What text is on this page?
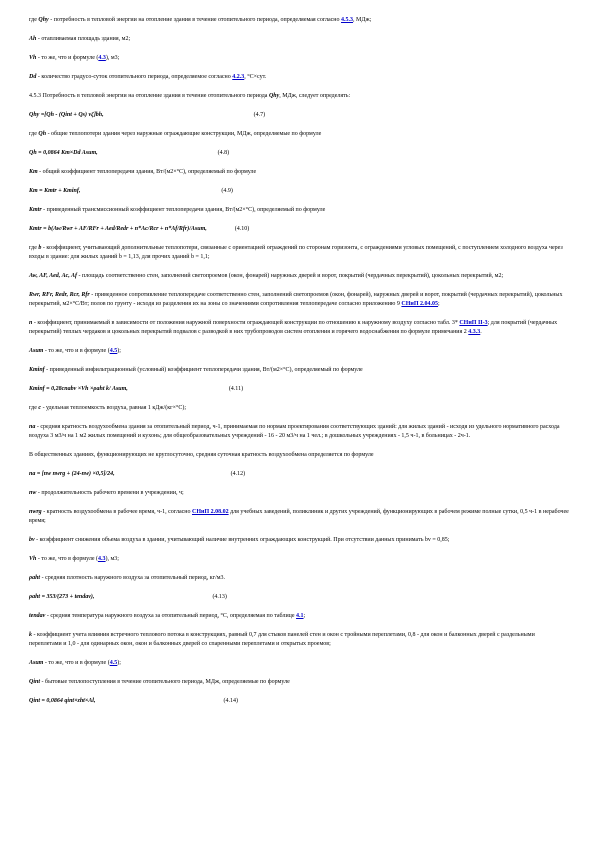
где Qhy - потребность в тепловой энергии на отопление здания в течение отопительного периода, определяемая согласно 4.5.3, МДж;
Ah - отапливаемая площадь здания, м2;
Vh - то же, что и формуле (4.3), м3;
Dd - количество градусо-суток отопительного периода, определяемое согласно 4.2.3, °C×сут.
4.5.3 Потребность в тепловой энергии на отопление здания в течение отопительного периода Qhy, МДж, следует определять:
Qhy =[Qh - (Qint + Qs) vζ]bh,	(4.7)
где Qh - общие теплопотери здания через наружные ограждающие конструкции, МДж, определяемые по формуле
Qh = 0,0864 Km×Dd Asum,	(4.8)
Km - общий коэффициент теплопередачи здания, Вт/(м2×°C), определяемый по формуле
Km = Kmtr + Kminf,	(4.9)
Kmtr - приведенный трансмиссионный коэффициент теплопередачи здания, Вт/(м2×°C), определяемый по формуле
Kmtr = b(Aw/Rwr + AF/RFr + Aed/Redr + n*Ac/Rcr + n*Af/Rfr)/Asum,	(4.10)
где b - коэффициент, учитывающий дополнительные теплопотери, связанные с ориентацией ограждений по сторонам горизонта, с ограждениями угловых помещений, с поступлением холодного воздуха через входы в здание: для жилых зданий b = 1,13, для прочих зданий b = 1,1;
Aw, AF, Aed, Ac, Af - площадь соответственно стен, заполнений светопроемов (окон, фонарей) наружных дверей и ворот, покрытий (чердачных перекрытий), цокольных перекрытий, м2;
Rwr, RFr, Redr, Rcr, Rfr - приведенное сопротивление теплопередаче соответственно стен, заполнений светопроемов (окон, фонарей), наружных дверей и ворот, покрытий (чердачных перекрытий), цокольных перекрытий, м2×°C/Вт; полов по грунту - исходя из разделения их на зоны со значениями сопротивления теплопередаче согласно приложению 9 СНиП 2.04.05;
n - коэффициент, принимаемый в зависимости от положения наружной поверхности ограждающей конструкции по отношению к наружному воздуху согласно табл. 3* СНиП II-3; для покрытий (чердачных перекрытий) теплых чердаков и цокольных перекрытий подвалов с разводкой в них трубопроводов систем отопления и горячего водоснабжения по формуле примечания 2 4.3.3.
Asum - то же, что и в формуле (4.5);
Kminf - приведенный инфильтрационный (условный) коэффициент теплопередачи здания, Вт/(м2×°C), определяемый по формуле
Kminf = 0,28cnabv ×Vh ×ρaht k/ Asum,	(4.11)
где c - удельная теплоемкость воздуха, равная 1 кДж/(кг×°C);
na - средняя кратность воздухообмена здания за отопительный период, ч-1, принимаемая по нормам проектирования соответствующих зданий: для жилых зданий - исходя из удельного нормативного расхода воздуха 3 м3/ч на 1 м2 жилых помещений и кухонь; для общеобразовательных учреждений - 16 - 20 м3/ч на 1 чел.; в дошкольных учреждениях - 1,5 ч-1, в больницах - 2ч-1.
В общественных зданиях, функционирующих не круглосуточно, средняя суточная кратность воздухообмена определяется по формуле
na = [nw nwrg + (24-nw) ×0,5]/24,	(4.12)
nw - продолжительность рабочего времени в учреждении, ч;
nwrg - кратность воздухообмена в рабочее время, ч-1, согласно СНиП 2.08.02 для учебных заведений, поликлиник и других учреждений, функционирующих в рабочем режиме полные сутки, 0,5 ч-1 в нерабочее время;
bv - коэффициент снижения объема воздуха в здании, учитывающий наличие внутренних ограждающих конструкций. При отсутствии данных принимать bv = 0,85;
Vh - то же, что в формуле (4.3), м3;
ρaht - средняя плотность наружного воздуха за отопительный период, кг/м3.
ρaht = 353/(273 + tendav),	(4.13)
tendav - средняя температура наружного воздуха за отопительный период, °C, определяемая по таблице 4.1;
k - коэффициент учета влияния встречного теплового потока в конструкциях, равный 0,7 для стыков панелей стен и окон с тройными переплетами, 0,8 - для окон и балконных дверей с раздельными переплетами и 1,0 - для одинарных окон, окон и балконных дверей со спаренными переплетами и открытых проемов;
Asum - то же, что и в формуле (4.5);
Qint - бытовые теплопоступления в течение отопительного периода, МДж, определяемые по формуле
Qint = 0,0864 qint×zht×Al,	(4.14)
